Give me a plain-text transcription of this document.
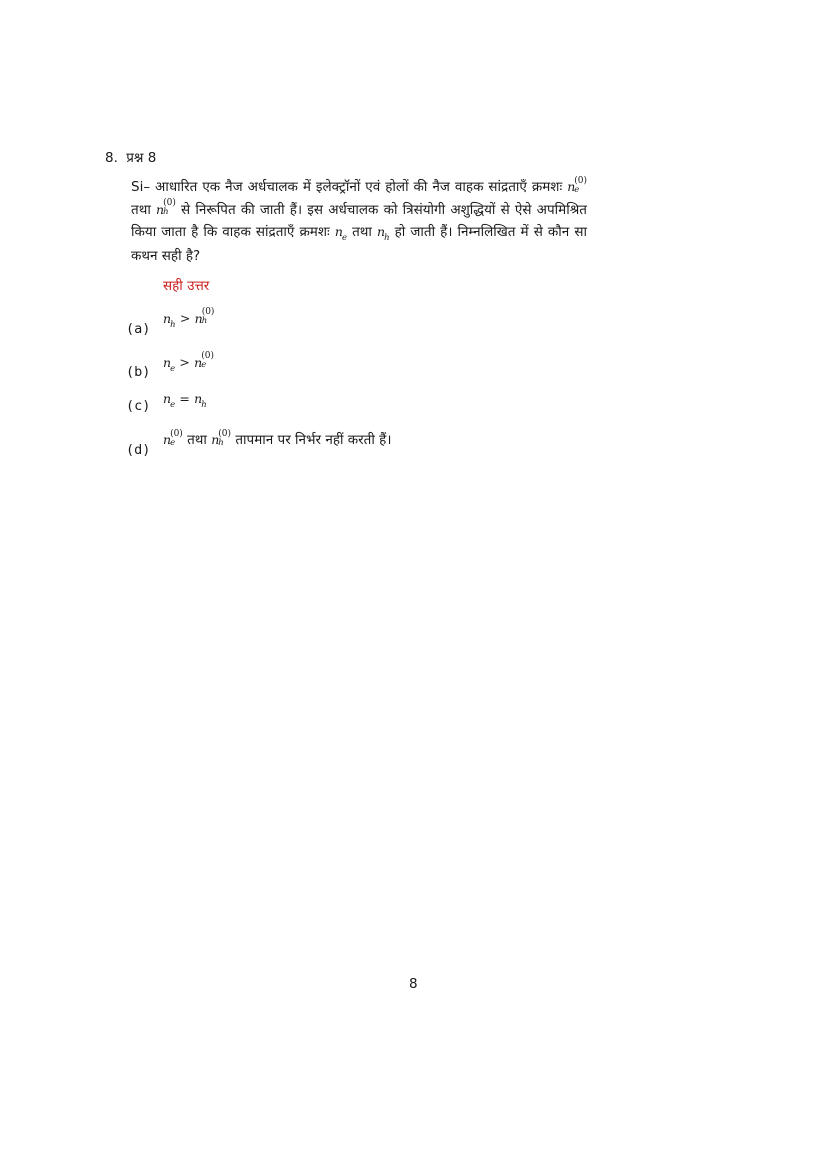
8. प्रश्न 8
Si– आधारित एक नैज अर्धचालक में इलेक्ट्रॉनों एवं होलों की नैज वाहक सांद्रताएँ क्रमशः n (0)
e
तथा n (0)
h से निरूपित की जाती हैं। इस अर्धचालक को त्रिसंयोगी अशुद्धियों से ऐसे अपमिश्रित किया जाता है कि वाहक सांद्रताएँ क्रमशः $n_e$ तथा $n_h$ हो जाती हैं। निम्नलिखित में से कौन सा कथन सही है?
सही उत्तर
(a)
$n_h > n$ (0)
h
(b)
$n_e > n$ (0)
e
(c) $n_e = n_h$
(d)
n (0)
e तथा n (0)
h तापमान पर निर्भर नहीं करती हैं।
8
